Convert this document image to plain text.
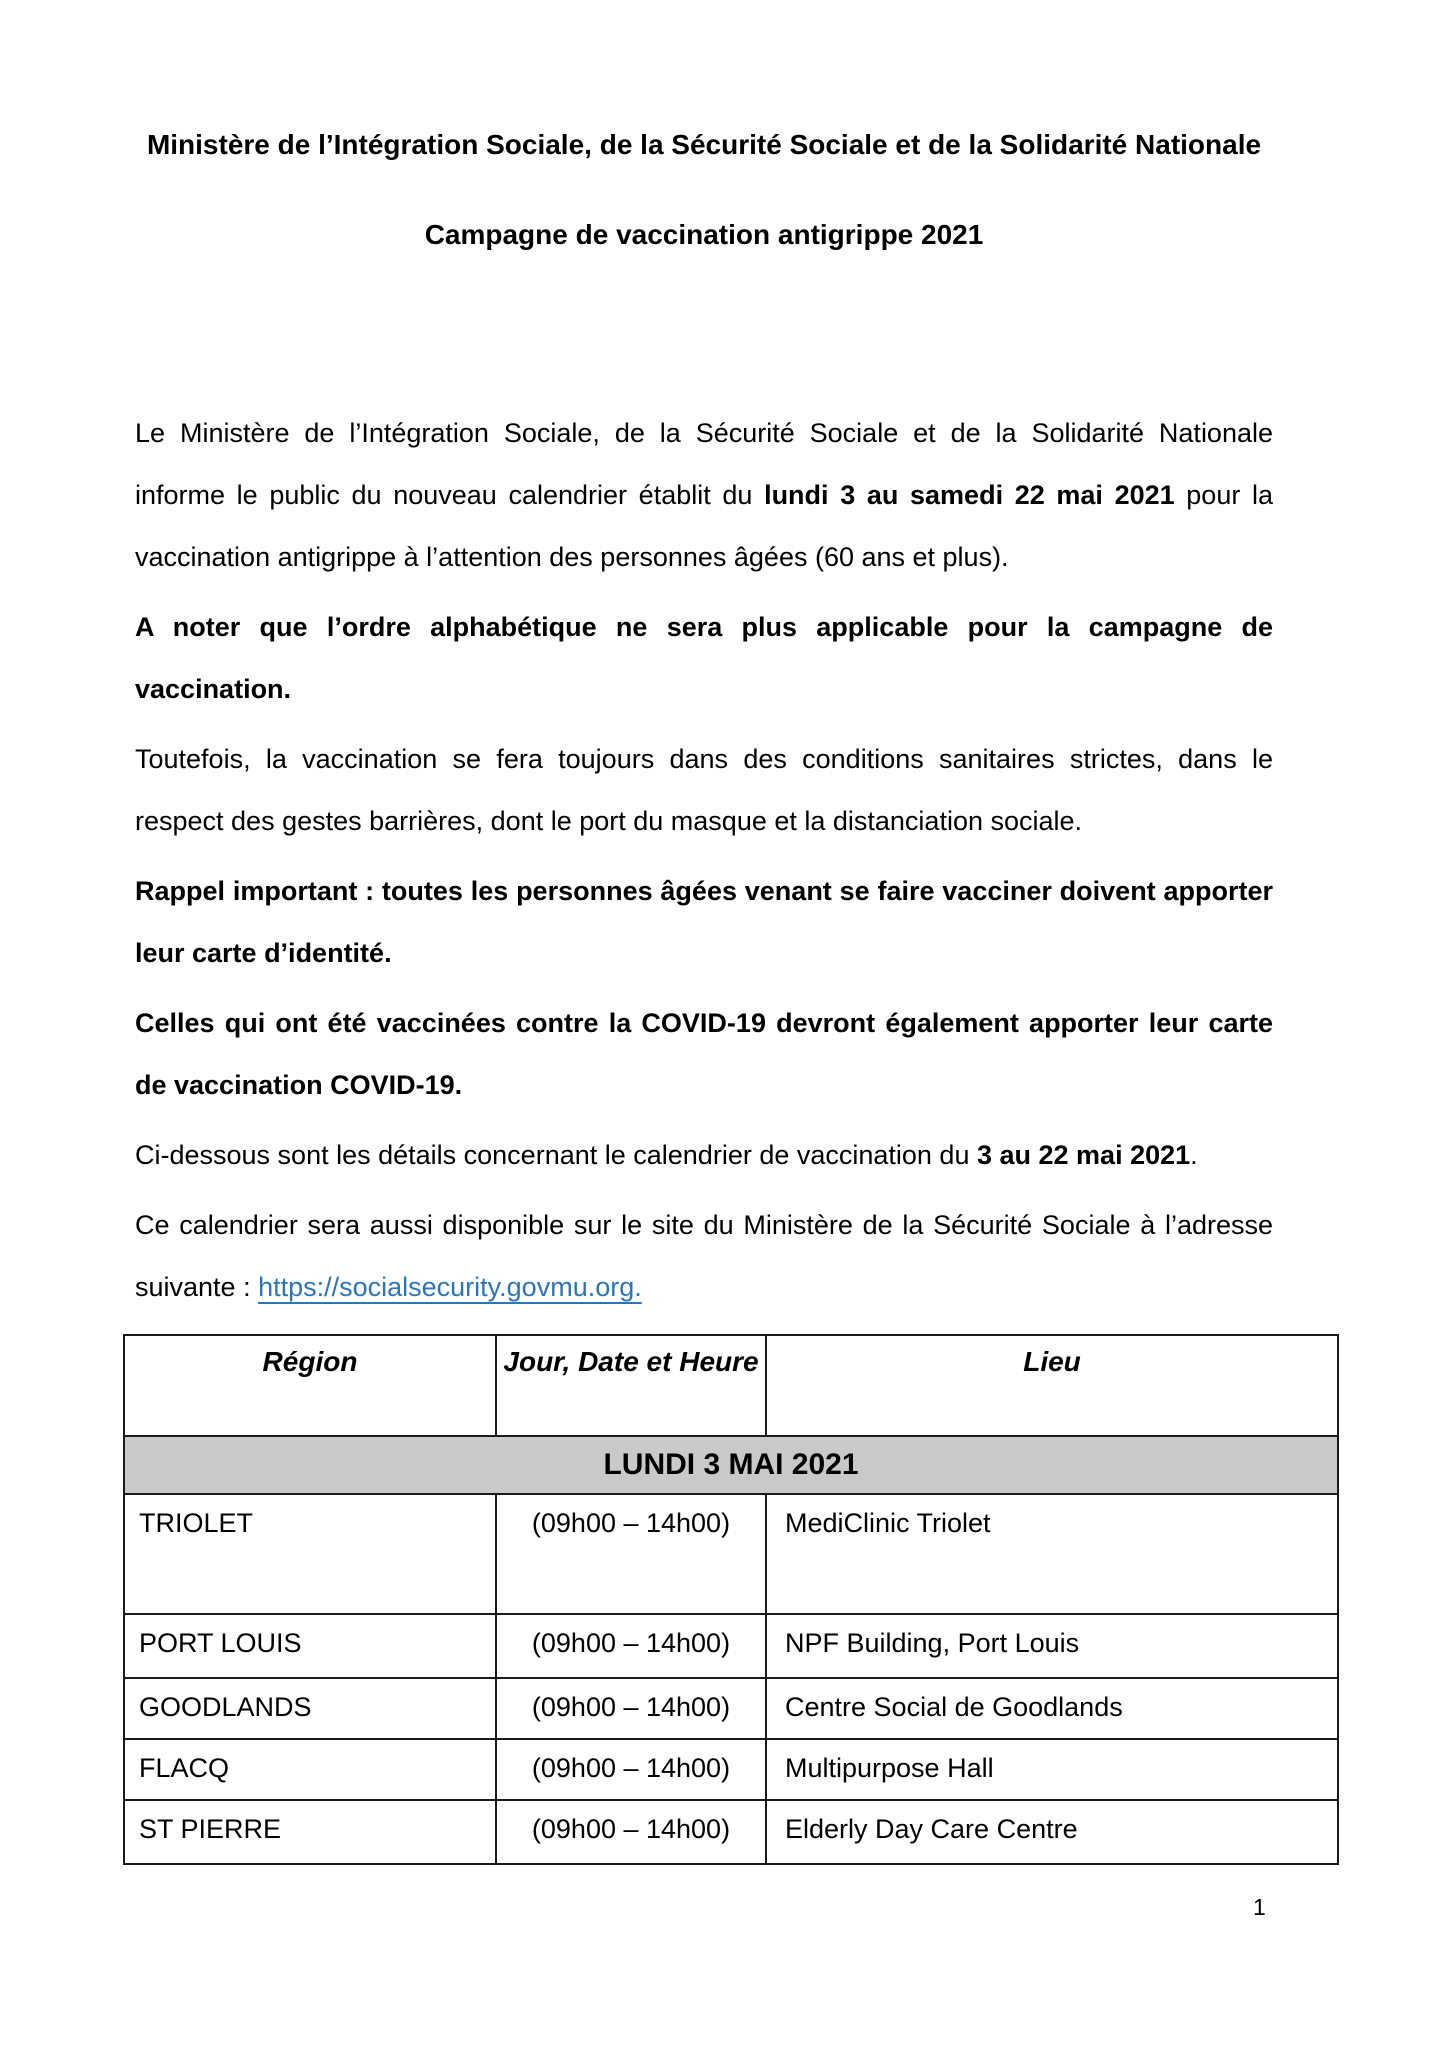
Ministère de l’Intégration Sociale, de la Sécurité Sociale et de la Solidarité Nationale
Campagne de vaccination antigrippe 2021

Le Ministère de l’Intégration Sociale, de la Sécurité Sociale et de la Solidarité Nationale informe le public du nouveau calendrier établit du lundi 3 au samedi 22 mai 2021 pour la vaccination antigrippe à l’attention des personnes âgées (60 ans et plus).

A noter que l’ordre alphabétique ne sera plus applicable pour la campagne de vaccination.

Toutefois, la vaccination se fera toujours dans des conditions sanitaires strictes, dans le respect des gestes barrières, dont le port du masque et la distanciation sociale.

Rappel important : toutes les personnes âgées venant se faire vacciner doivent apporter leur carte d’identité.

Celles qui ont été vaccinées contre la COVID-19 devront également apporter leur carte de vaccination COVID-19.

Ci-dessous sont les détails concernant le calendrier de vaccination du 3 au 22 mai 2021.

Ce calendrier sera aussi disponible sur le site du Ministère de la Sécurité Sociale à l’adresse suivante : https://socialsecurity.govmu.org.

Région	Jour, Date et Heure	Lieu
LUNDI 3 MAI 2021		
TRIOLET	(09h00 – 14h00)	MediClinic Triolet
PORT LOUIS	(09h00 – 14h00)	NPF Building, Port Louis
GOODLANDS	(09h00 – 14h00)	Centre Social de Goodlands
FLACQ	(09h00 – 14h00)	Multipurpose Hall
ST PIERRE	(09h00 – 14h00)	Elderly Day Care Centre
1
